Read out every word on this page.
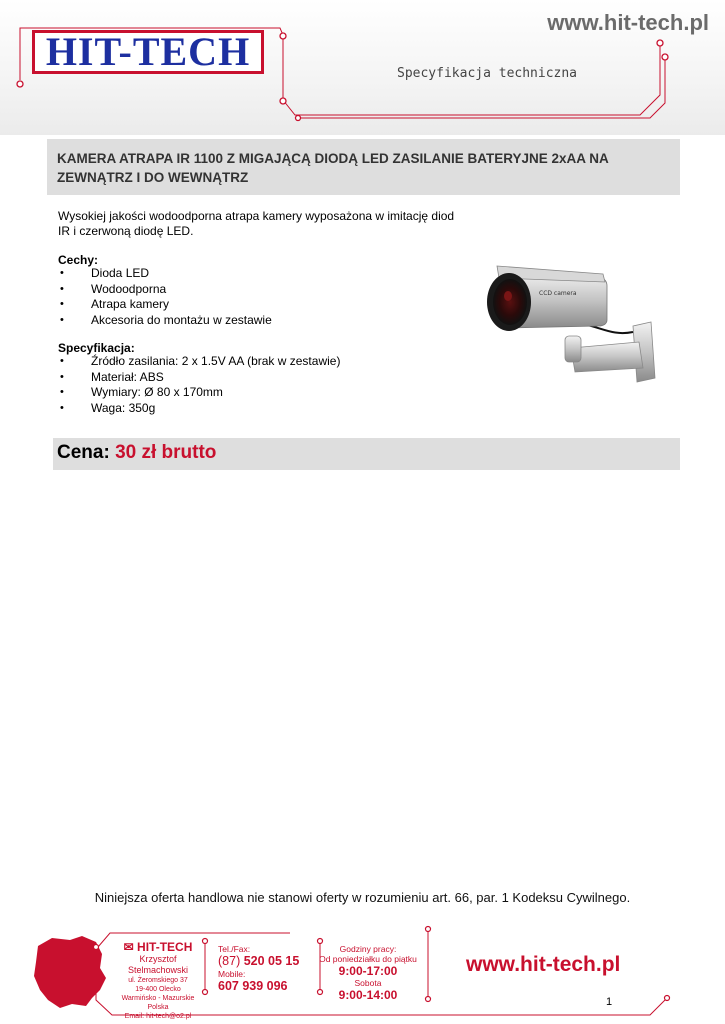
www.hit-tech.pl
HIT-TECH	Specyfikacja techniczna
KAMERA ATRAPA IR 1100 Z MIGAJĄCĄ DIODĄ LED ZASILANIE BATERYJNE 2xAA NA ZEWNĄTRZ I DO WEWNĄTRZ
Wysokiej jakości wodoodporna atrapa kamery wyposażona w imitację diod IR i czerwoną diodę LED.
Cechy:
• Dioda LED
• Wodoodporna
• Atrapa kamery
• Akcesoria do montażu w zestawie
Specyfikacja:
• Źródło zasilania: 2 x 1.5V AA (brak w zestawie)
• Materiał: ABS
• Wymiary: Ø 80 x 170mm
• Waga: 350g
CCD camera
Cena: 30 zł brutto
Niniejsza oferta handlowa nie stanowi oferty w rozumieniu art. 66, par. 1 Kodeksu Cywilnego.
✉ HIT-TECH
Krzysztof Stelmachowski
ul. Żeromskiego 37
19-400 Olecko
Warmińsko - Mazurskie
Polska
Email: hit-tech@o2.pl
Tel./Fax:
(87) 520 05 15
Mobile:
607 939 096
Godziny pracy:
Od poniedziałku do piątku
9:00-17:00
Sobota
9:00-14:00
www.hit-tech.pl
1
